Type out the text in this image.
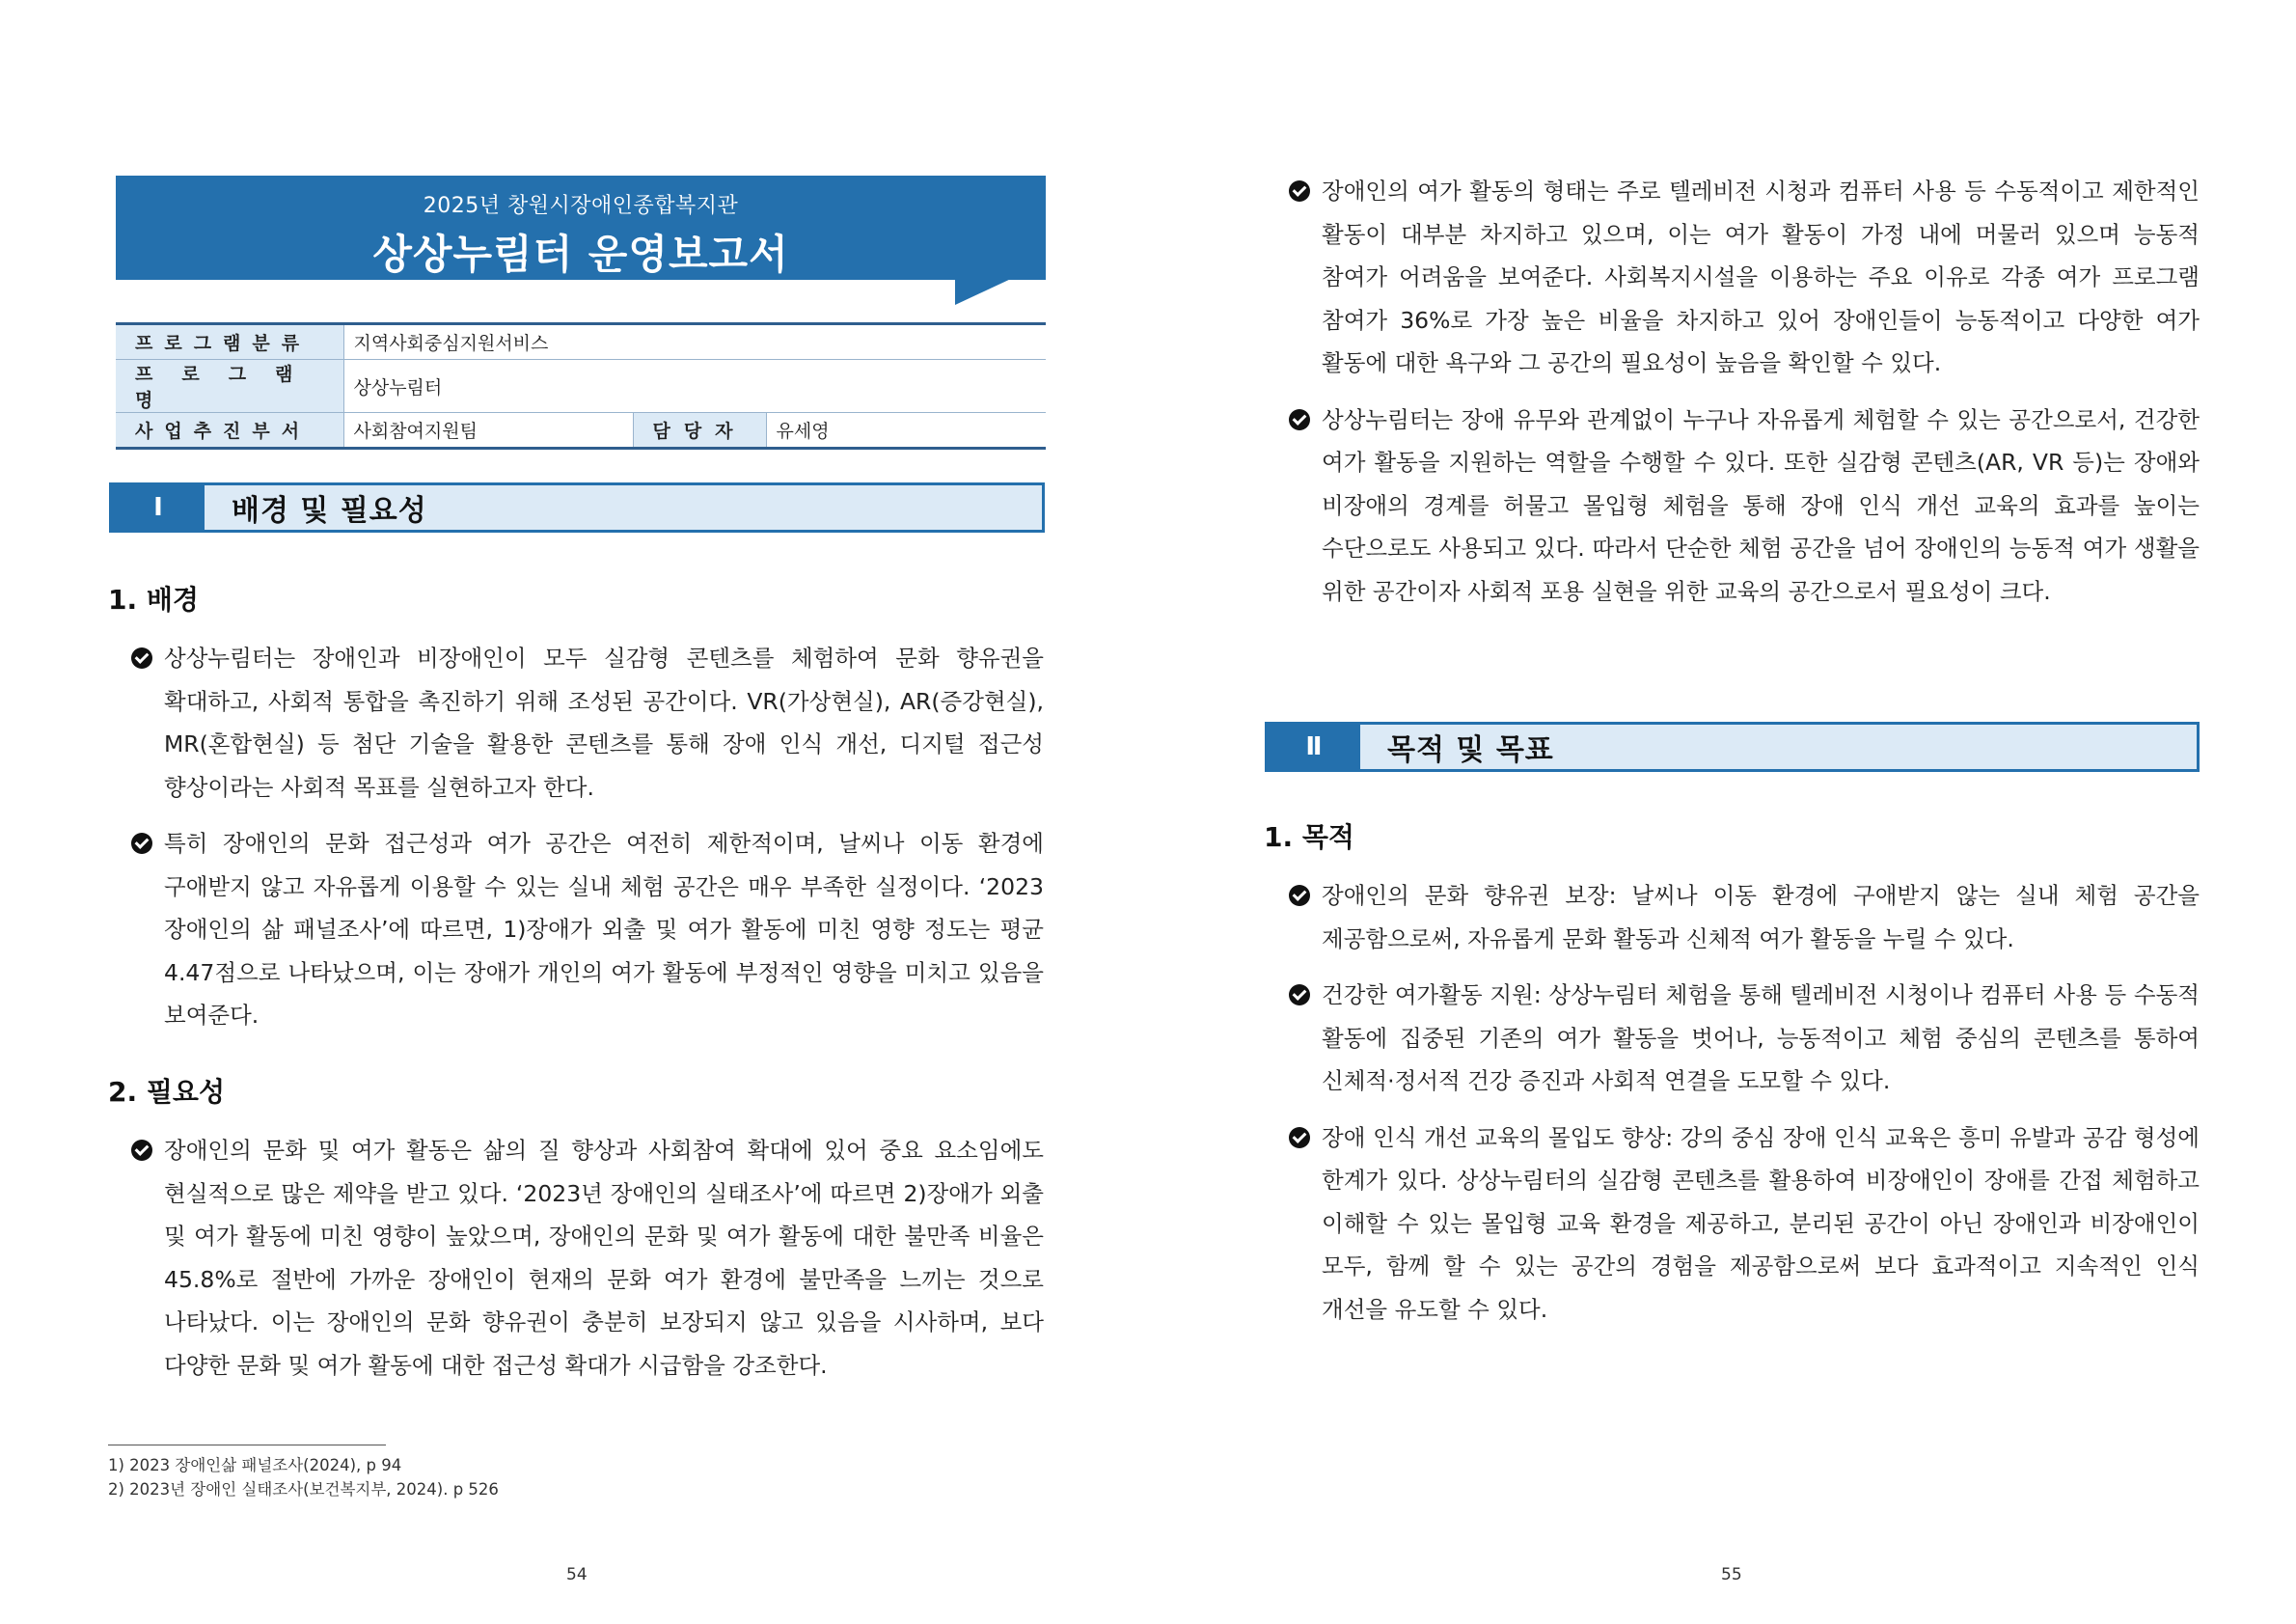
2025년 창원시장애인종합복지관
상상누림터 운영보고서
프로그램분류	지역사회중심지원서비스		
프로그램명	상상누림터		
사업추진부서	사회참여지원팀	담당자	유세영
Ⅰ	배경 및 필요성
1. 배경
상상누림터는 장애인과 비장애인이 모두 실감형 콘텐츠를 체험하여 문화 향유권을 확대하고, 사회적 통합을 촉진하기 위해 조성된 공간이다. VR(가상현실), AR(증강현실), MR(혼합현실) 등 첨단 기술을 활용한 콘텐츠를 통해 장애 인식 개선, 디지털 접근성 향상이라는 사회적 목표를 실현하고자 한다.
특히 장애인의 문화 접근성과 여가 공간은 여전히 제한적이며, 날씨나 이동 환경에 구애받지 않고 자유롭게 이용할 수 있는 실내 체험 공간은 매우 부족한 실정이다. ‘2023 장애인의 삶 패널조사’에 따르면, 1)장애가 외출 및 여가 활동에 미친 영향 정도는 평균 4.47점으로 나타났으며, 이는 장애가 개인의 여가 활동에 부정적인 영향을 미치고 있음을 보여준다.
2. 필요성
장애인의 문화 및 여가 활동은 삶의 질 향상과 사회참여 확대에 있어 중요 요소임에도 현실적으로 많은 제약을 받고 있다. ‘2023년 장애인의 실태조사’에 따르면 2)장애가 외출 및 여가 활동에 미친 영향이 높았으며, 장애인의 문화 및 여가 활동에 대한 불만족 비율은 45.8%로 절반에 가까운 장애인이 현재의 문화 여가 환경에 불만족을 느끼는 것으로 나타났다. 이는 장애인의 문화 향유권이 충분히 보장되지 않고 있음을 시사하며, 보다 다양한 문화 및 여가 활동에 대한 접근성 확대가 시급함을 강조한다.
1) 2023 장애인삶 패널조사(2024), p 94
2) 2023년 장애인 실태조사(보건복지부, 2024). p 526
54
장애인의 여가 활동의 형태는 주로 텔레비전 시청과 컴퓨터 사용 등 수동적이고 제한적인 활동이 대부분 차지하고 있으며, 이는 여가 활동이 가정 내에 머물러 있으며 능동적 참여가 어려움을 보여준다. 사회복지시설을 이용하는 주요 이유로 각종 여가 프로그램 참여가 36%로 가장 높은 비율을 차지하고 있어 장애인들이 능동적이고 다양한 여가 활동에 대한 욕구와 그 공간의 필요성이 높음을 확인할 수 있다.
상상누림터는 장애 유무와 관계없이 누구나 자유롭게 체험할 수 있는 공간으로서, 건강한 여가 활동을 지원하는 역할을 수행할 수 있다. 또한 실감형 콘텐츠(AR, VR 등)는 장애와 비장애의 경계를 허물고 몰입형 체험을 통해 장애 인식 개선 교육의 효과를 높이는 수단으로도 사용되고 있다. 따라서 단순한 체험 공간을 넘어 장애인의 능동적 여가 생활을 위한 공간이자 사회적 포용 실현을 위한 교육의 공간으로서 필요성이 크다.
Ⅱ	목적 및 목표
1. 목적
장애인의 문화 향유권 보장: 날씨나 이동 환경에 구애받지 않는 실내 체험 공간을 제공함으로써, 자유롭게 문화 활동과 신체적 여가 활동을 누릴 수 있다.
건강한 여가활동 지원: 상상누림터 체험을 통해 텔레비전 시청이나 컴퓨터 사용 등 수동적 활동에 집중된 기존의 여가 활동을 벗어나, 능동적이고 체험 중심의 콘텐츠를 통하여 신체적·정서적 건강 증진과 사회적 연결을 도모할 수 있다.
장애 인식 개선 교육의 몰입도 향상: 강의 중심 장애 인식 교육은 흥미 유발과 공감 형성에 한계가 있다. 상상누림터의 실감형 콘텐츠를 활용하여 비장애인이 장애를 간접 체험하고 이해할 수 있는 몰입형 교육 환경을 제공하고, 분리된 공간이 아닌 장애인과 비장애인이 모두, 함께 할 수 있는 공간의 경험을 제공함으로써 보다 효과적이고 지속적인 인식 개선을 유도할 수 있다.
55
